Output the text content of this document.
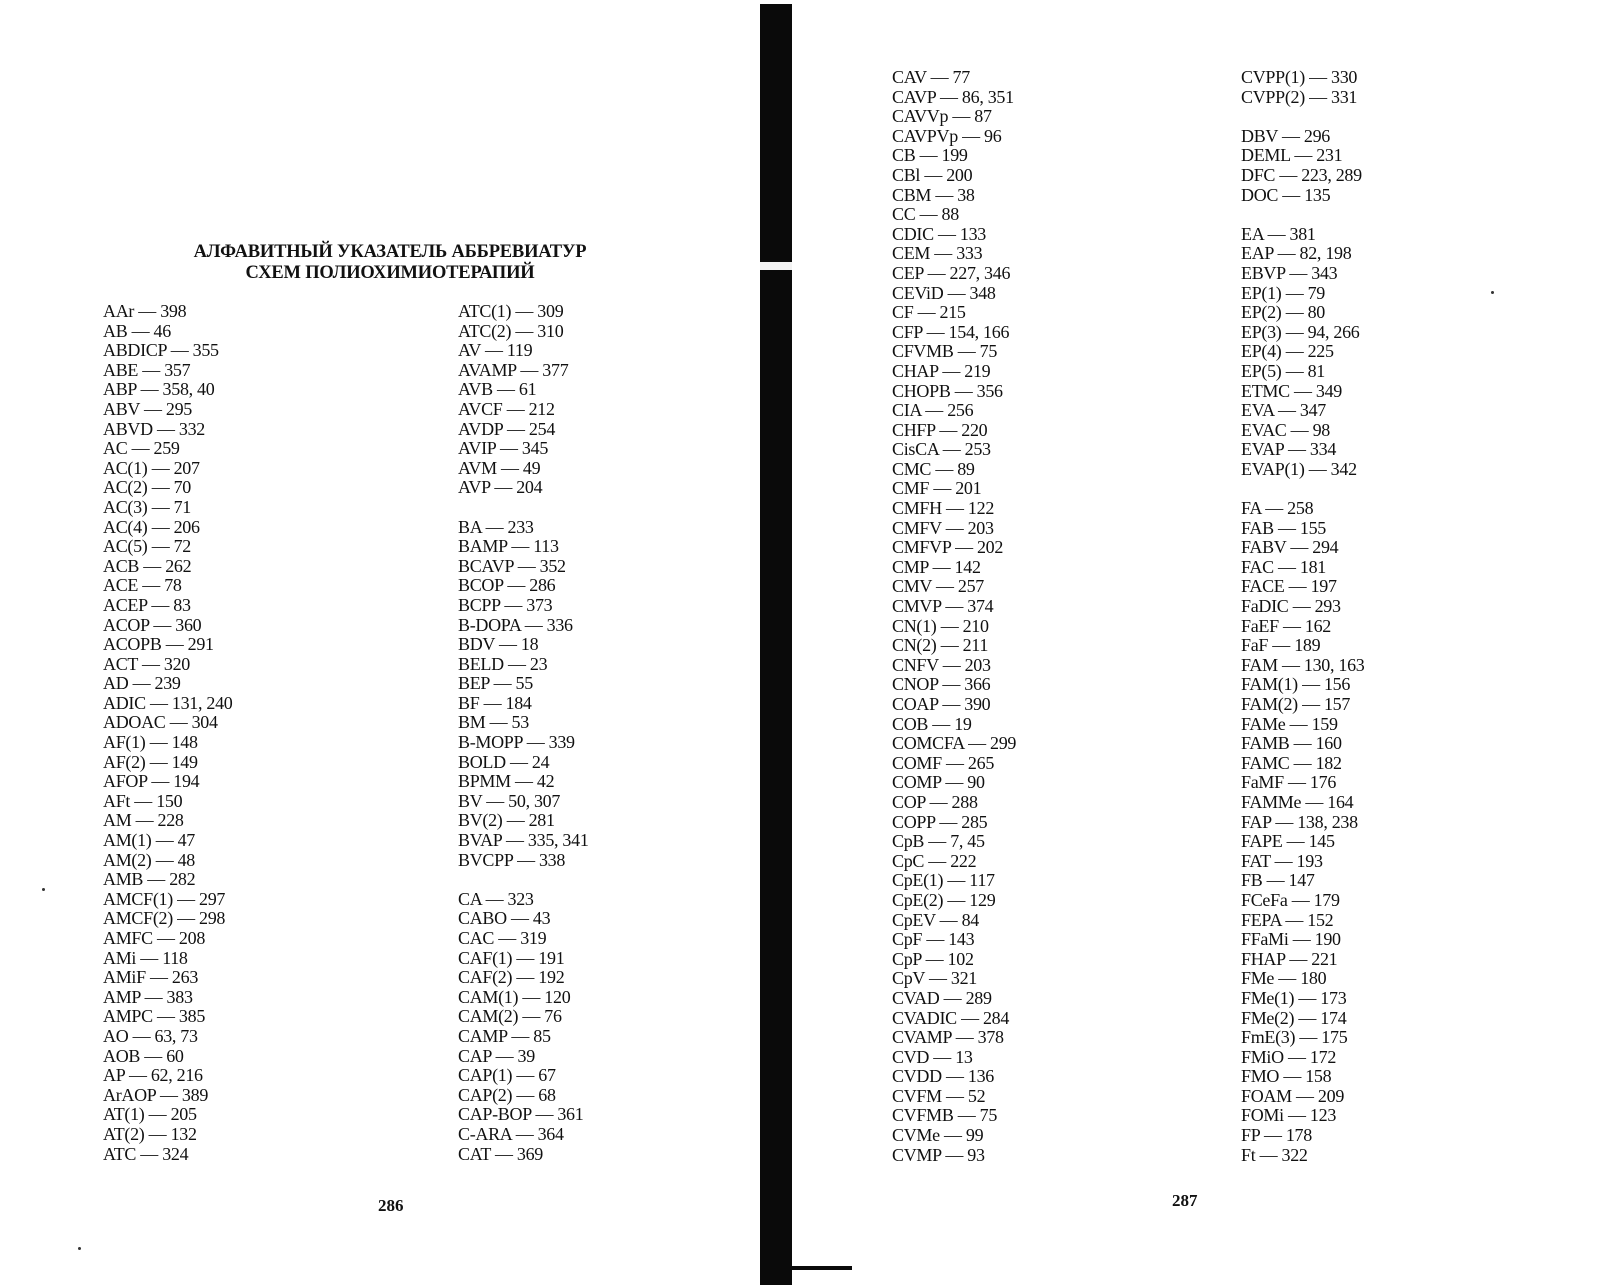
АЛФАВИТНЫЙ УКАЗАТЕЛЬ АББРЕВИАТУР
СХЕМ ПОЛИОХИМИОТЕРАПИЙ
AAr — 398
AB — 46
ABDICP — 355
ABE — 357
ABP — 358, 40
ABV — 295
ABVD — 332
AC — 259
AC(1) — 207
AC(2) — 70
AC(3) — 71
AC(4) — 206
AC(5) — 72
ACB — 262
ACE — 78
ACEP — 83
ACOP — 360
ACOPB — 291
ACT — 320
AD — 239
ADIC — 131, 240
ADOAC — 304
AF(1) — 148
AF(2) — 149
AFOP — 194
AFt — 150
AM — 228
AM(1) — 47
AM(2) — 48
AMB — 282
AMCF(1) — 297
AMCF(2) — 298
AMFC — 208
AMi — 118
AMiF — 263
AMP — 383
AMPC — 385
AO — 63, 73
AOB — 60
AP — 62, 216
ArAOP — 389
AT(1) — 205
AT(2) — 132
ATC — 324
ATC(1) — 309
ATC(2) — 310
AV — 119
AVAMP — 377
AVB — 61
AVCF — 212
AVDP — 254
AVIP — 345
AVM — 49
AVP — 204
BA — 233
BAMP — 113
BCAVP — 352
BCOP — 286
BCPP — 373
B-DOPA — 336
BDV — 18
BELD — 23
BEP — 55
BF — 184
BM — 53
B-MOPP — 339
BOLD — 24
BPMM — 42
BV — 50, 307
BV(2) — 281
BVAP — 335, 341
BVCPP — 338
CA — 323
CABO — 43
CAC — 319
CAF(1) — 191
CAF(2) — 192
CAM(1) — 120
CAM(2) — 76
CAMP — 85
CAP — 39
CAP(1) — 67
CAP(2) — 68
CAP-BOP — 361
C-ARA — 364
CAT — 369
286
CAV — 77
CAVP — 86, 351
CAVVp — 87
CAVPVp — 96
CB — 199
CBl — 200
CBM — 38
CC — 88
CDIC — 133
CEM — 333
CEP — 227, 346
CEViD — 348
CF — 215
CFP — 154, 166
CFVMB — 75
CHAP — 219
CHOPB — 356
CIA — 256
CHFP — 220
CisCA — 253
CMC — 89
CMF — 201
CMFH — 122
CMFV — 203
CMFVP — 202
CMP — 142
CMV — 257
CMVP — 374
CN(1) — 210
CN(2) — 211
CNFV — 203
CNOP — 366
COAP — 390
COB — 19
COMCFA — 299
COMF — 265
COMP — 90
COP — 288
COPP — 285
CpB — 7, 45
CpC — 222
CpE(1) — 117
CpE(2) — 129
CpEV — 84
CpF — 143
CpP — 102
CpV — 321
CVAD — 289
CVADIC — 284
CVAMP — 378
CVD — 13
CVDD — 136
CVFM — 52
CVFMB — 75
CVMe — 99
CVMP — 93
CVPP(1) — 330
CVPP(2) — 331
DBV — 296
DEML — 231
DFC — 223, 289
DOC — 135
EA — 381
EAP — 82, 198
EBVP — 343
EP(1) — 79
EP(2) — 80
EP(3) — 94, 266
EP(4) — 225
EP(5) — 81
ETMC — 349
EVA — 347
EVAC — 98
EVAP — 334
EVAP(1) — 342
FA — 258
FAB — 155
FABV — 294
FAC — 181
FACE — 197
FaDIC — 293
FaEF — 162
FaF — 189
FAM — 130, 163
FAM(1) — 156
FAM(2) — 157
FAMe — 159
FAMB — 160
FAMC — 182
FaMF — 176
FAMMe — 164
FAP — 138, 238
FAPE — 145
FAT — 193
FB — 147
FCeFa — 179
FEPA — 152
FFaMi — 190
FHAP — 221
FMe — 180
FMe(1) — 173
FMe(2) — 174
FmE(3) — 175
FMiO — 172
FMO — 158
FOAM — 209
FOMi — 123
FP — 178
Ft — 322
287
